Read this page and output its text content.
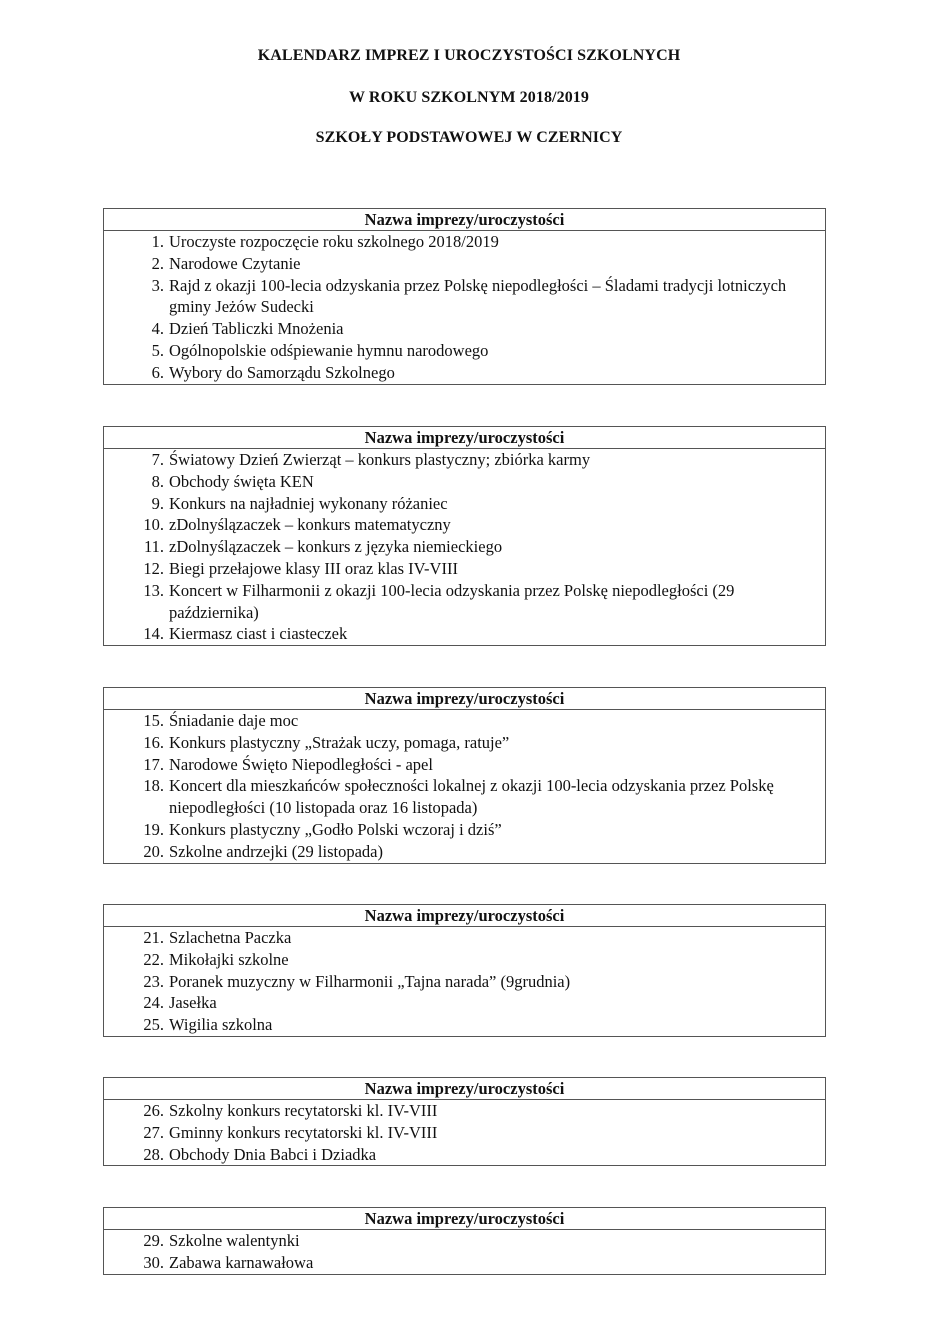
KALENDARZ IMPREZ I UROCZYSTOŚCI SZKOLNYCH
W ROKU SZKOLNYM 2018/2019
SZKOŁY PODSTAWOWEJ W CZERNICY
Nazwa imprezy/uroczystości
1. Uroczyste rozpoczęcie roku szkolnego 2018/2019
2. Narodowe Czytanie
3. Rajd z okazji 100-lecia odzyskania przez Polskę niepodległości – Śladami tradycji lotniczych gminy Jeżów Sudecki
4. Dzień Tabliczki Mnożenia
5. Ogólnopolskie odśpiewanie hymnu narodowego
6. Wybory do Samorządu Szkolnego
Nazwa imprezy/uroczystości
7. Światowy Dzień Zwierząt – konkurs plastyczny; zbiórka karmy
8. Obchody święta KEN
9. Konkurs na najładniej wykonany różaniec
10. zDolnyślązaczek – konkurs matematyczny
11. zDolnyślązaczek – konkurs z języka niemieckiego
12. Biegi przełajowe klasy III oraz klas IV-VIII
13. Koncert w Filharmonii z okazji 100-lecia odzyskania przez Polskę niepodległości (29 października)
14. Kiermasz ciast i ciasteczek
Nazwa imprezy/uroczystości
15. Śniadanie daje moc
16. Konkurs plastyczny „Strażak uczy, pomaga, ratuje”
17. Narodowe Święto Niepodległości - apel
18. Koncert dla mieszkańców społeczności lokalnej z okazji 100-lecia odzyskania przez Polskę niepodległości (10 listopada oraz 16 listopada)
19. Konkurs plastyczny „Godło Polski wczoraj i dziś”
20. Szkolne andrzejki (29 listopada)
Nazwa imprezy/uroczystości
21. Szlachetna Paczka
22. Mikołajki szkolne
23. Poranek muzyczny w Filharmonii „Tajna narada” (9grudnia)
24. Jasełka
25. Wigilia szkolna
Nazwa imprezy/uroczystości
26. Szkolny konkurs recytatorski kl. IV-VIII
27. Gminny konkurs recytatorski kl. IV-VIII
28. Obchody Dnia Babci i Dziadka
Nazwa imprezy/uroczystości
29. Szkolne walentynki
30. Zabawa karnawałowa
